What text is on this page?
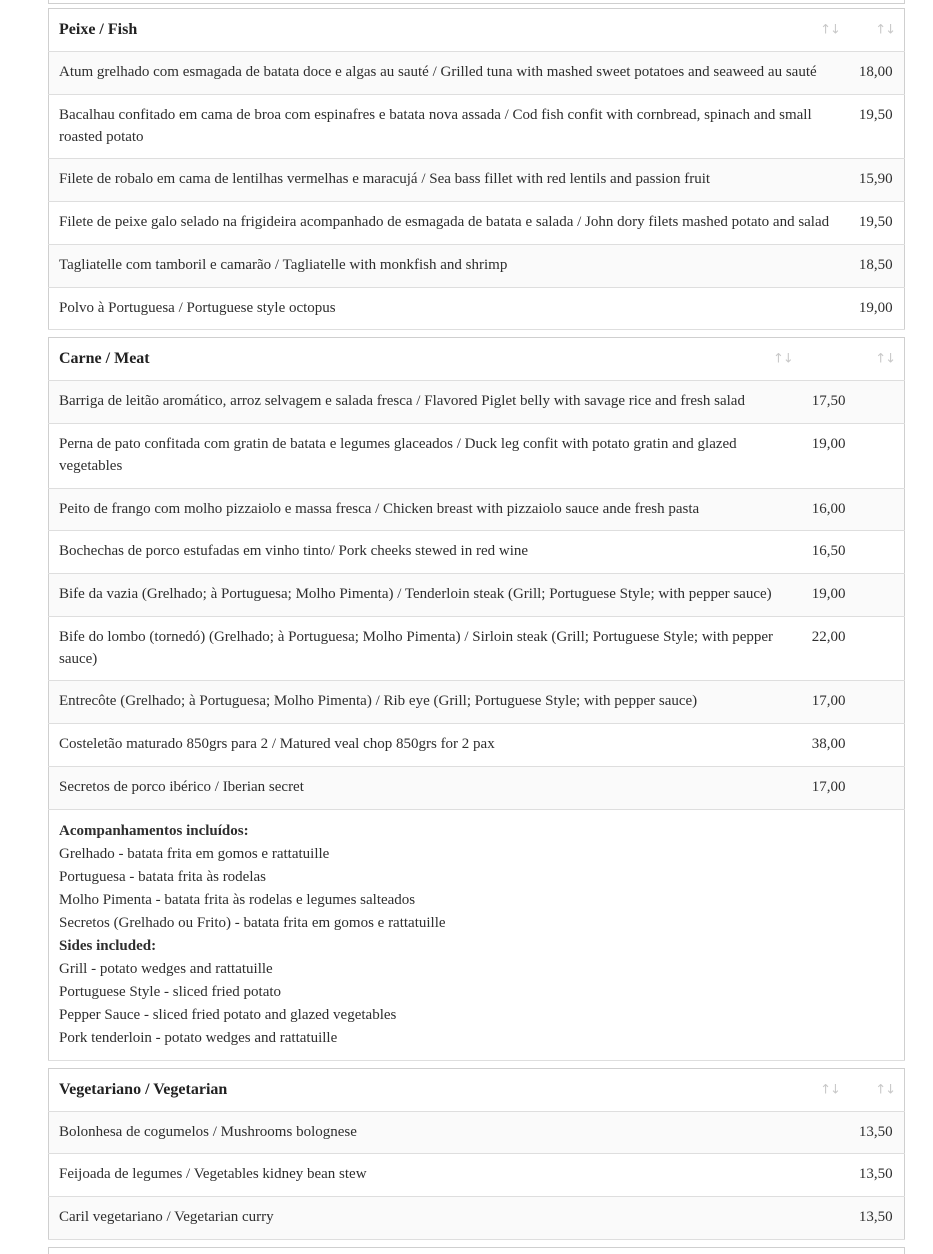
Peixe / Fish ↑↓	↑↓

Atum grelhado com esmagada de batata doce e algas au sauté / Grilled tuna with mashed sweet potatoes and seaweed au sauté	18,00
Bacalhau confitado em cama de broa com espinafres e batata nova assada / Cod fish confit with cornbread, spinach and small roasted potato	19,50
Filete de robalo em cama de lentilhas vermelhas e maracujá / Sea bass fillet with red lentils and passion fruit	15,90
Filete de peixe galo selado na frigideira acompanhado de esmagada de batata e salada / John dory filets mashed potato and salad	19,50
Tagliatelle com tamboril e camarão / Tagliatelle with monkfish and shrimp	18,50
Polvo à Portuguesa / Portuguese style octopus	19,00
Carne / Meat ↑↓	↑↓

Barriga de leitão aromático, arroz selvagem e salada fresca / Flavored Piglet belly with savage rice and fresh salad	17,50
Perna de pato confitada com gratin de batata e legumes glaceados / Duck leg confit with potato gratin and glazed vegetables	19,00
Peito de frango com molho pizzaiolo e massa fresca / Chicken breast with pizzaiolo sauce ande fresh pasta	16,00
Bochechas de porco estufadas em vinho tinto/ Pork cheeks stewed in red wine	16,50
Bife da vazia (Grelhado; à Portuguesa; Molho Pimenta) / Tenderloin steak (Grill; Portuguese Style; with pepper sauce)	19,00
Bife do lombo (tornedó) (Grelhado; à Portuguesa; Molho Pimenta) / Sirloin steak (Grill; Portuguese Style; with pepper sauce)	22,00
Entrecôte (Grelhado; à Portuguesa; Molho Pimenta) / Rib eye (Grill; Portuguese Style; with pepper sauce)	17,00
Costeletão maturado 850grs para 2 / Matured veal chop 850grs for 2 pax	38,00
Secretos de porco ibérico / Iberian secret	17,00

Acompanhamentos incluídos:
Grelhado - batata frita em gomos e rattatuille
Portuguesa - batata frita às rodelas
Molho Pimenta - batata frita às rodelas e legumes salteados
Secretos (Grelhado ou Frito) - batata frita em gomos e rattatuille
Sides included:
Grill - potato wedges and rattatuille
Portuguese Style - sliced fried potato
Pepper Sauce - sliced fried potato and glazed vegetables
Pork tenderloin - potato wedges and rattatuille
Vegetariano / Vegetarian ↑↓	↑↓

Bolonhesa de cogumelos / Mushrooms bolognese	13,50
Feijoada de legumes / Vegetables kidney bean stew	13,50
Caril vegetariano / Vegetarian curry	13,50
